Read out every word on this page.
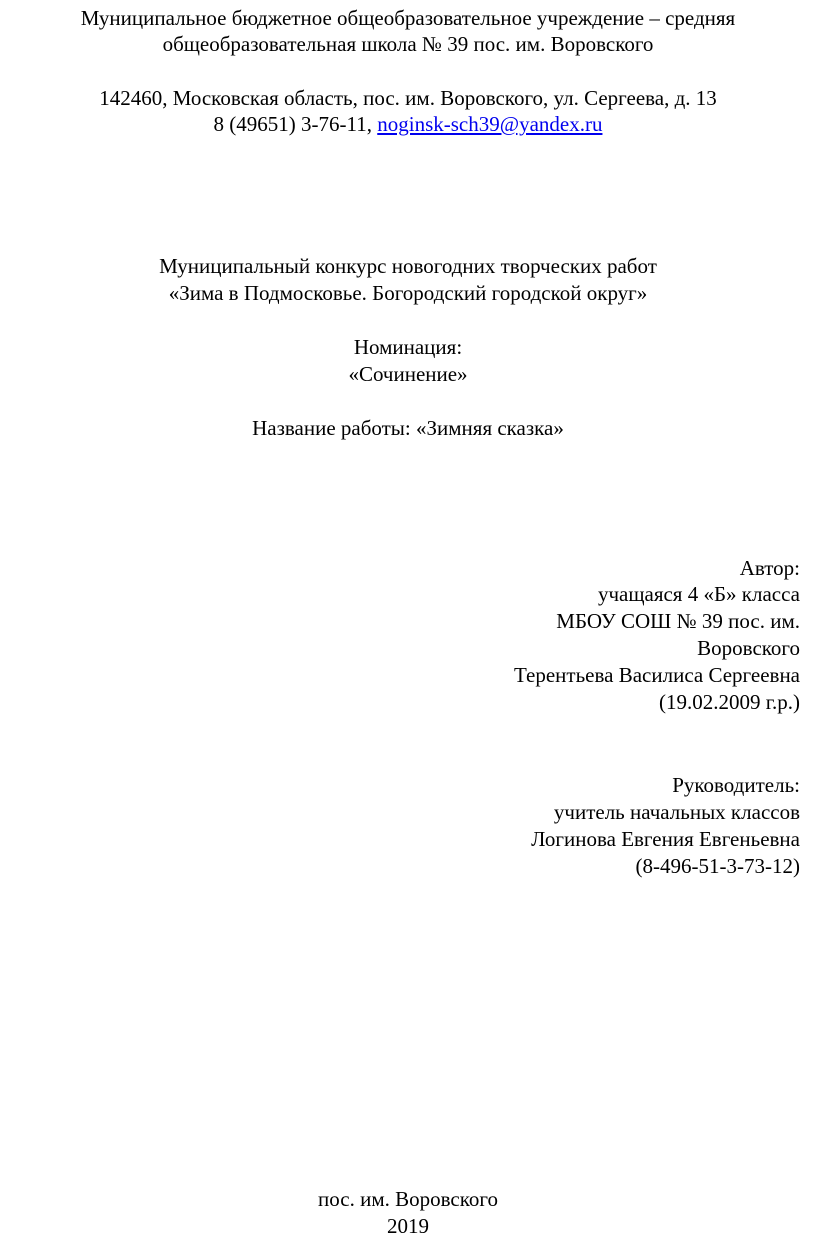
Муниципальное бюджетное общеобразовательное учреждение – средняя
общеобразовательная школа № 39 пос. им. Воровского
142460, Московская область, пос. им. Воровского, ул. Сергеева, д. 13
8 (49651) 3-76-11, noginsk-sch39@yandex.ru
Муниципальный конкурс новогодних творческих работ
«Зима в Подмосковье. Богородский городской округ»
Номинация:
«Сочинение»
Название работы: «Зимняя сказка»
Автор:
учащаяся 4 «Б» класса
МБОУ СОШ № 39 пос. им.
Воровского
Терентьева Василиса Сергеевна
(19.02.2009 г.р.)
Руководитель:
учитель начальных классов
Логинова Евгения Евгеньевна
(8-496-51-3-73-12)
пос. им. Воровского
2019
